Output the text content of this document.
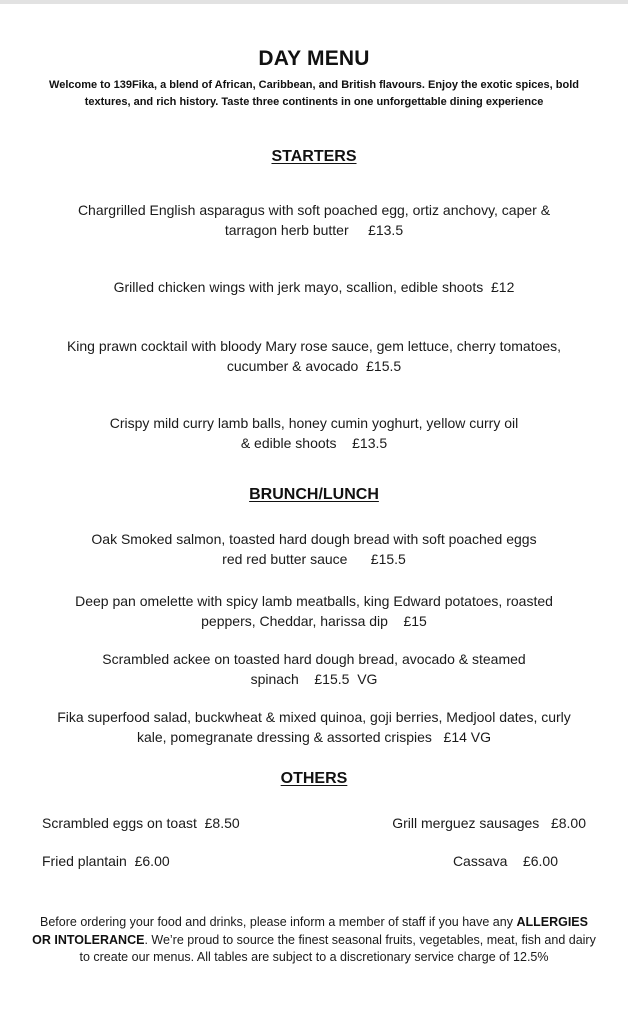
DAY MENU
Welcome to 139Fika, a blend of African, Caribbean, and British flavours. Enjoy the exotic spices, bold textures, and rich history. Taste three continents in one unforgettable dining experience
STARTERS
Chargrilled English asparagus with soft poached egg, ortiz anchovy, caper &
tarragon herb butter     £13.5
Grilled chicken wings with jerk mayo, scallion, edible shoots  £12
King prawn cocktail with bloody Mary rose sauce, gem lettuce, cherry tomatoes,
cucumber & avocado  £15.5
Crispy mild curry lamb balls, honey cumin yoghurt, yellow curry oil
& edible shoots    £13.5
BRUNCH/LUNCH
Oak Smoked salmon, toasted hard dough bread with soft poached eggs
red red butter sauce      £15.5
Deep pan omelette with spicy lamb meatballs, king Edward potatoes, roasted
peppers, Cheddar, harissa dip    £15
Scrambled ackee on toasted hard dough bread, avocado & steamed
spinach    £15.5  VG
Fika superfood salad, buckwheat & mixed quinoa, goji berries, Medjool dates, curly
kale, pomegranate dressing & assorted crispies   £14 VG
OTHERS
Scrambled eggs on toast  £8.50	Grill merguez sausages   £8.00
Fried plantain  £6.00	Cassava    £6.00
Before ordering your food and drinks, please inform a member of staff if you have any ALLERGIES OR INTOLERANCE. We’re proud to source the finest seasonal fruits, vegetables, meat, fish and dairy to create our menus. All tables are subject to a discretionary service charge of 12.5%
